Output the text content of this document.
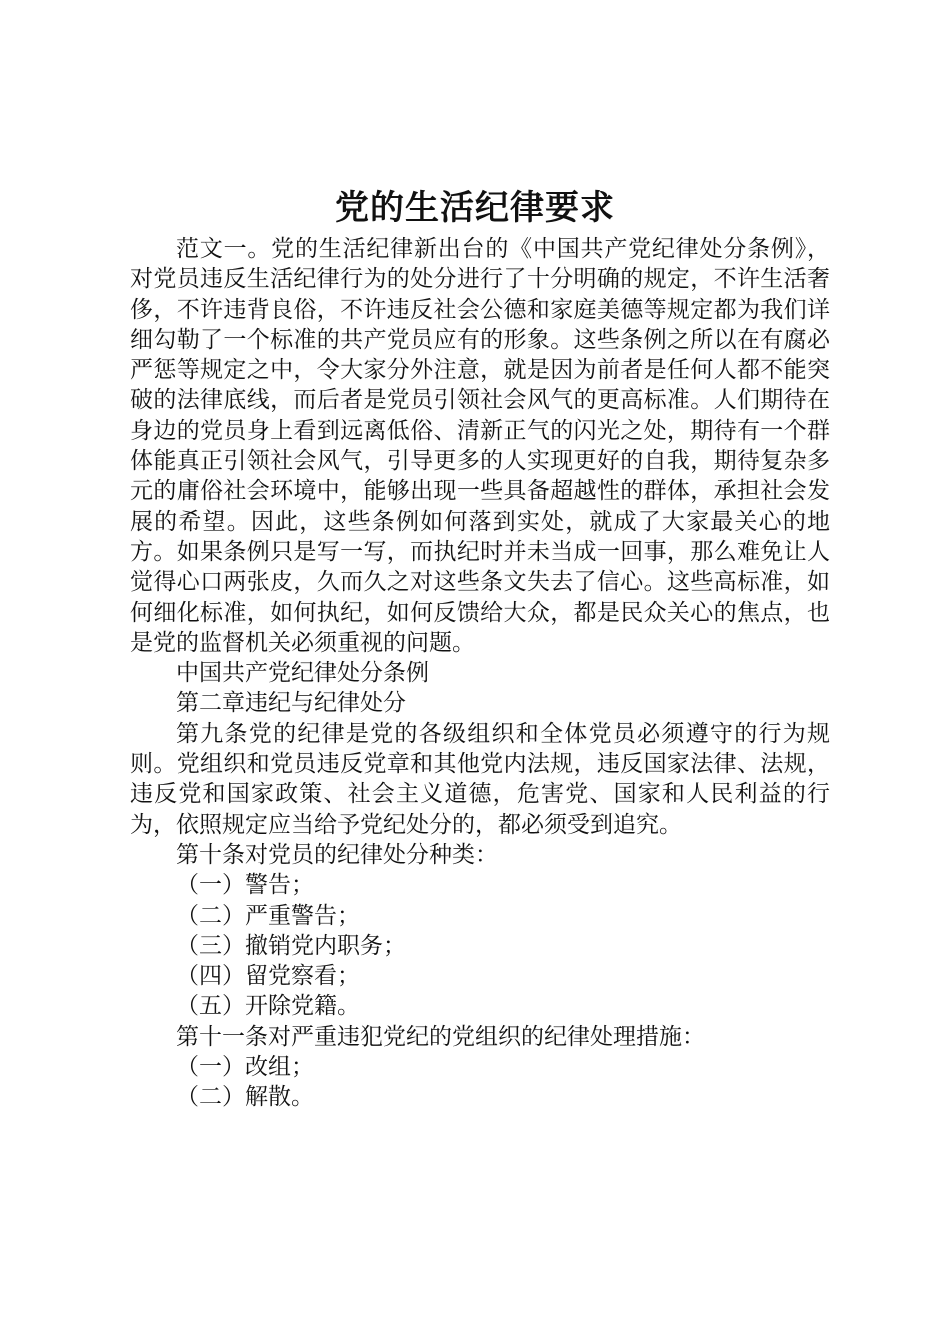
党的生活纪律要求

范文一。党的生活纪律新出台的《中国共产党纪律处分条例》，对党员违反生活纪律行为的处分进行了十分明确的规定，不许生活奢侈，不许违背良俗，不许违反社会公德和家庭美德等规定都为我们详细勾勒了一个标准的共产党员应有的形象。这些条例之所以在有腐必严惩等规定之中，令大家分外注意，就是因为前者是任何人都不能突破的法律底线，而后者是党员引领社会风气的更高标准。人们期待在身边的党员身上看到远离低俗、清新正气的闪光之处，期待有一个群体能真正引领社会风气，引导更多的人实现更好的自我，期待复杂多元的庸俗社会环境中，能够出现一些具备超越性的群体，承担社会发展的希望。因此，这些条例如何落到实处，就成了大家最关心的地方。如果条例只是写一写，而执纪时并未当成一回事，那么难免让人觉得心口两张皮，久而久之对这些条文失去了信心。这些高标准，如何细化标准，如何执纪，如何反馈给大众，都是民众关心的焦点，也是党的监督机关必须重视的问题。

中国共产党纪律处分条例

第二章违纪与纪律处分

第九条党的纪律是党的各级组织和全体党员必须遵守的行为规则。党组织和党员违反党章和其他党内法规，违反国家法律、法规，违反党和国家政策、社会主义道德，危害党、国家和人民利益的行为，依照规定应当给予党纪处分的，都必须受到追究。

第十条对党员的纪律处分种类：

（一）警告；

（二）严重警告；

（三）撤销党内职务；

（四）留党察看；

（五）开除党籍。

第十一条对严重违犯党纪的党组织的纪律处理措施：

（一）改组；

（二）解散。
